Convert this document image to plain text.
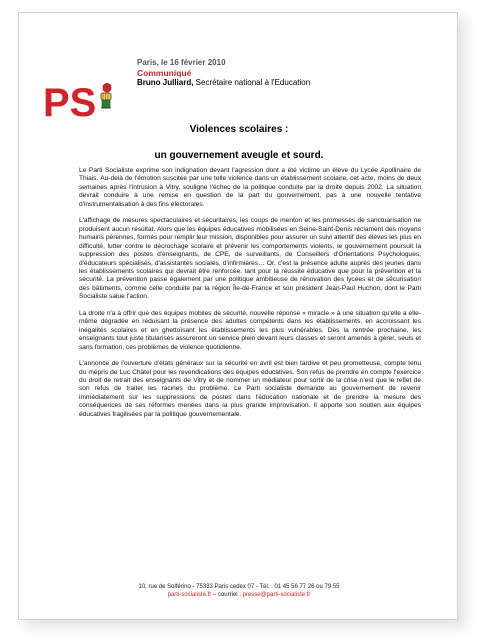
PS
Paris, le 16 février 2010
Communiqué
Bruno Julliard, Secrétaire national à l'Education
Violences scolaires :
un gouvernement aveugle et sourd.

Le Parti Socialiste exprime son indignation devant l'agression dont a été victime un élève du Lycée Apollinaire de Thiais. Au-delà de l'émotion suscitée par une telle violence dans un établissement scolaire, cet acte, moins de deux semaines après l'intrusion à Vitry, souligne l'échec de la politique conduite par la droite depuis 2002. La situation devrait conduire à une remise en question de la part du gouvernement, pas à une nouvelle tentative d'instrumentalisation à des fins électorales.

L'affichage de mesures spectaculaires et sécuritaires, les coups de menton et les promesses de sanctuarisation ne produisent aucun résultat. Alors que les équipes éducatives mobilisées en Seine-Saint-Denis réclament des moyens humains pérennes, formés pour remplir leur mission, disponibles pour assurer un suivi attentif des élèves les plus en difficulté, lutter contre le décrochage scolaire et prévenir les comportements violents, le gouvernement poursuit la suppression des postes d'enseignants, de CPE, de surveillants, de Conseillers d'Orientations Psychologues, d'éducateurs spécialisés, d'assistantes sociales, d'infirmières… Or, c'est la présence adulte auprès des jeunes dans les établissements scolaires qui devrait être renforcée, tant pour la réussite éducative que pour la prévention et la sécurité. La prévention passe également par une politique ambitieuse de rénovation des lycées et de sécurisation des bâtiments, comme celle conduite par la région Île-de-France et son président Jean-Paul Huchon, dont le Parti Socialiste salue l'action.

La droite n'a à offrir que des équipes mobiles de sécurité, nouvelle réponse « miracle » à une situation qu'elle a elle-même dégradée en réduisant la présence des adultes compétents dans les établissements, en accroissant les inégalités scolaires et en ghettoïsant les établissements les plus vulnérables. Dès la rentrée prochaine, les enseignants tout juste titularisés assureront un service plein devant leurs classes et seront amenés à gérer, seuls et sans formation, ces problèmes de violence quotidienne.

L'annonce de l'ouverture d'états généraux sur la sécurité en avril est bien tardive et peu prometteuse, compte tenu du mépris de Luc Châtel pour les revendications des équipes éducatives. Son refus de prendre en compte l'exercice du droit de retrait des enseignants de Vitry et de nommer un médiateur pour sortir de la crise n'est que le reflet de son refus de traiter les racines du problème. Le Parti socialiste demande au gouvernement de revenir immédiatement sur les suppressions de postes dans l'éducation nationale et de prendre la mesure des conséquences de ses réformes menées dans la plus grande improvisation. Il apporte son soutien aux équipes éducatives fragilisées par la politique gouvernementale.

10, rue de Solférino - 75333 Paris cedex 07 - Tél. : 01 45 56 77 26 ou 79 55
parti-socialiste.fr – courriel : presse@parti-socialiste.fr
